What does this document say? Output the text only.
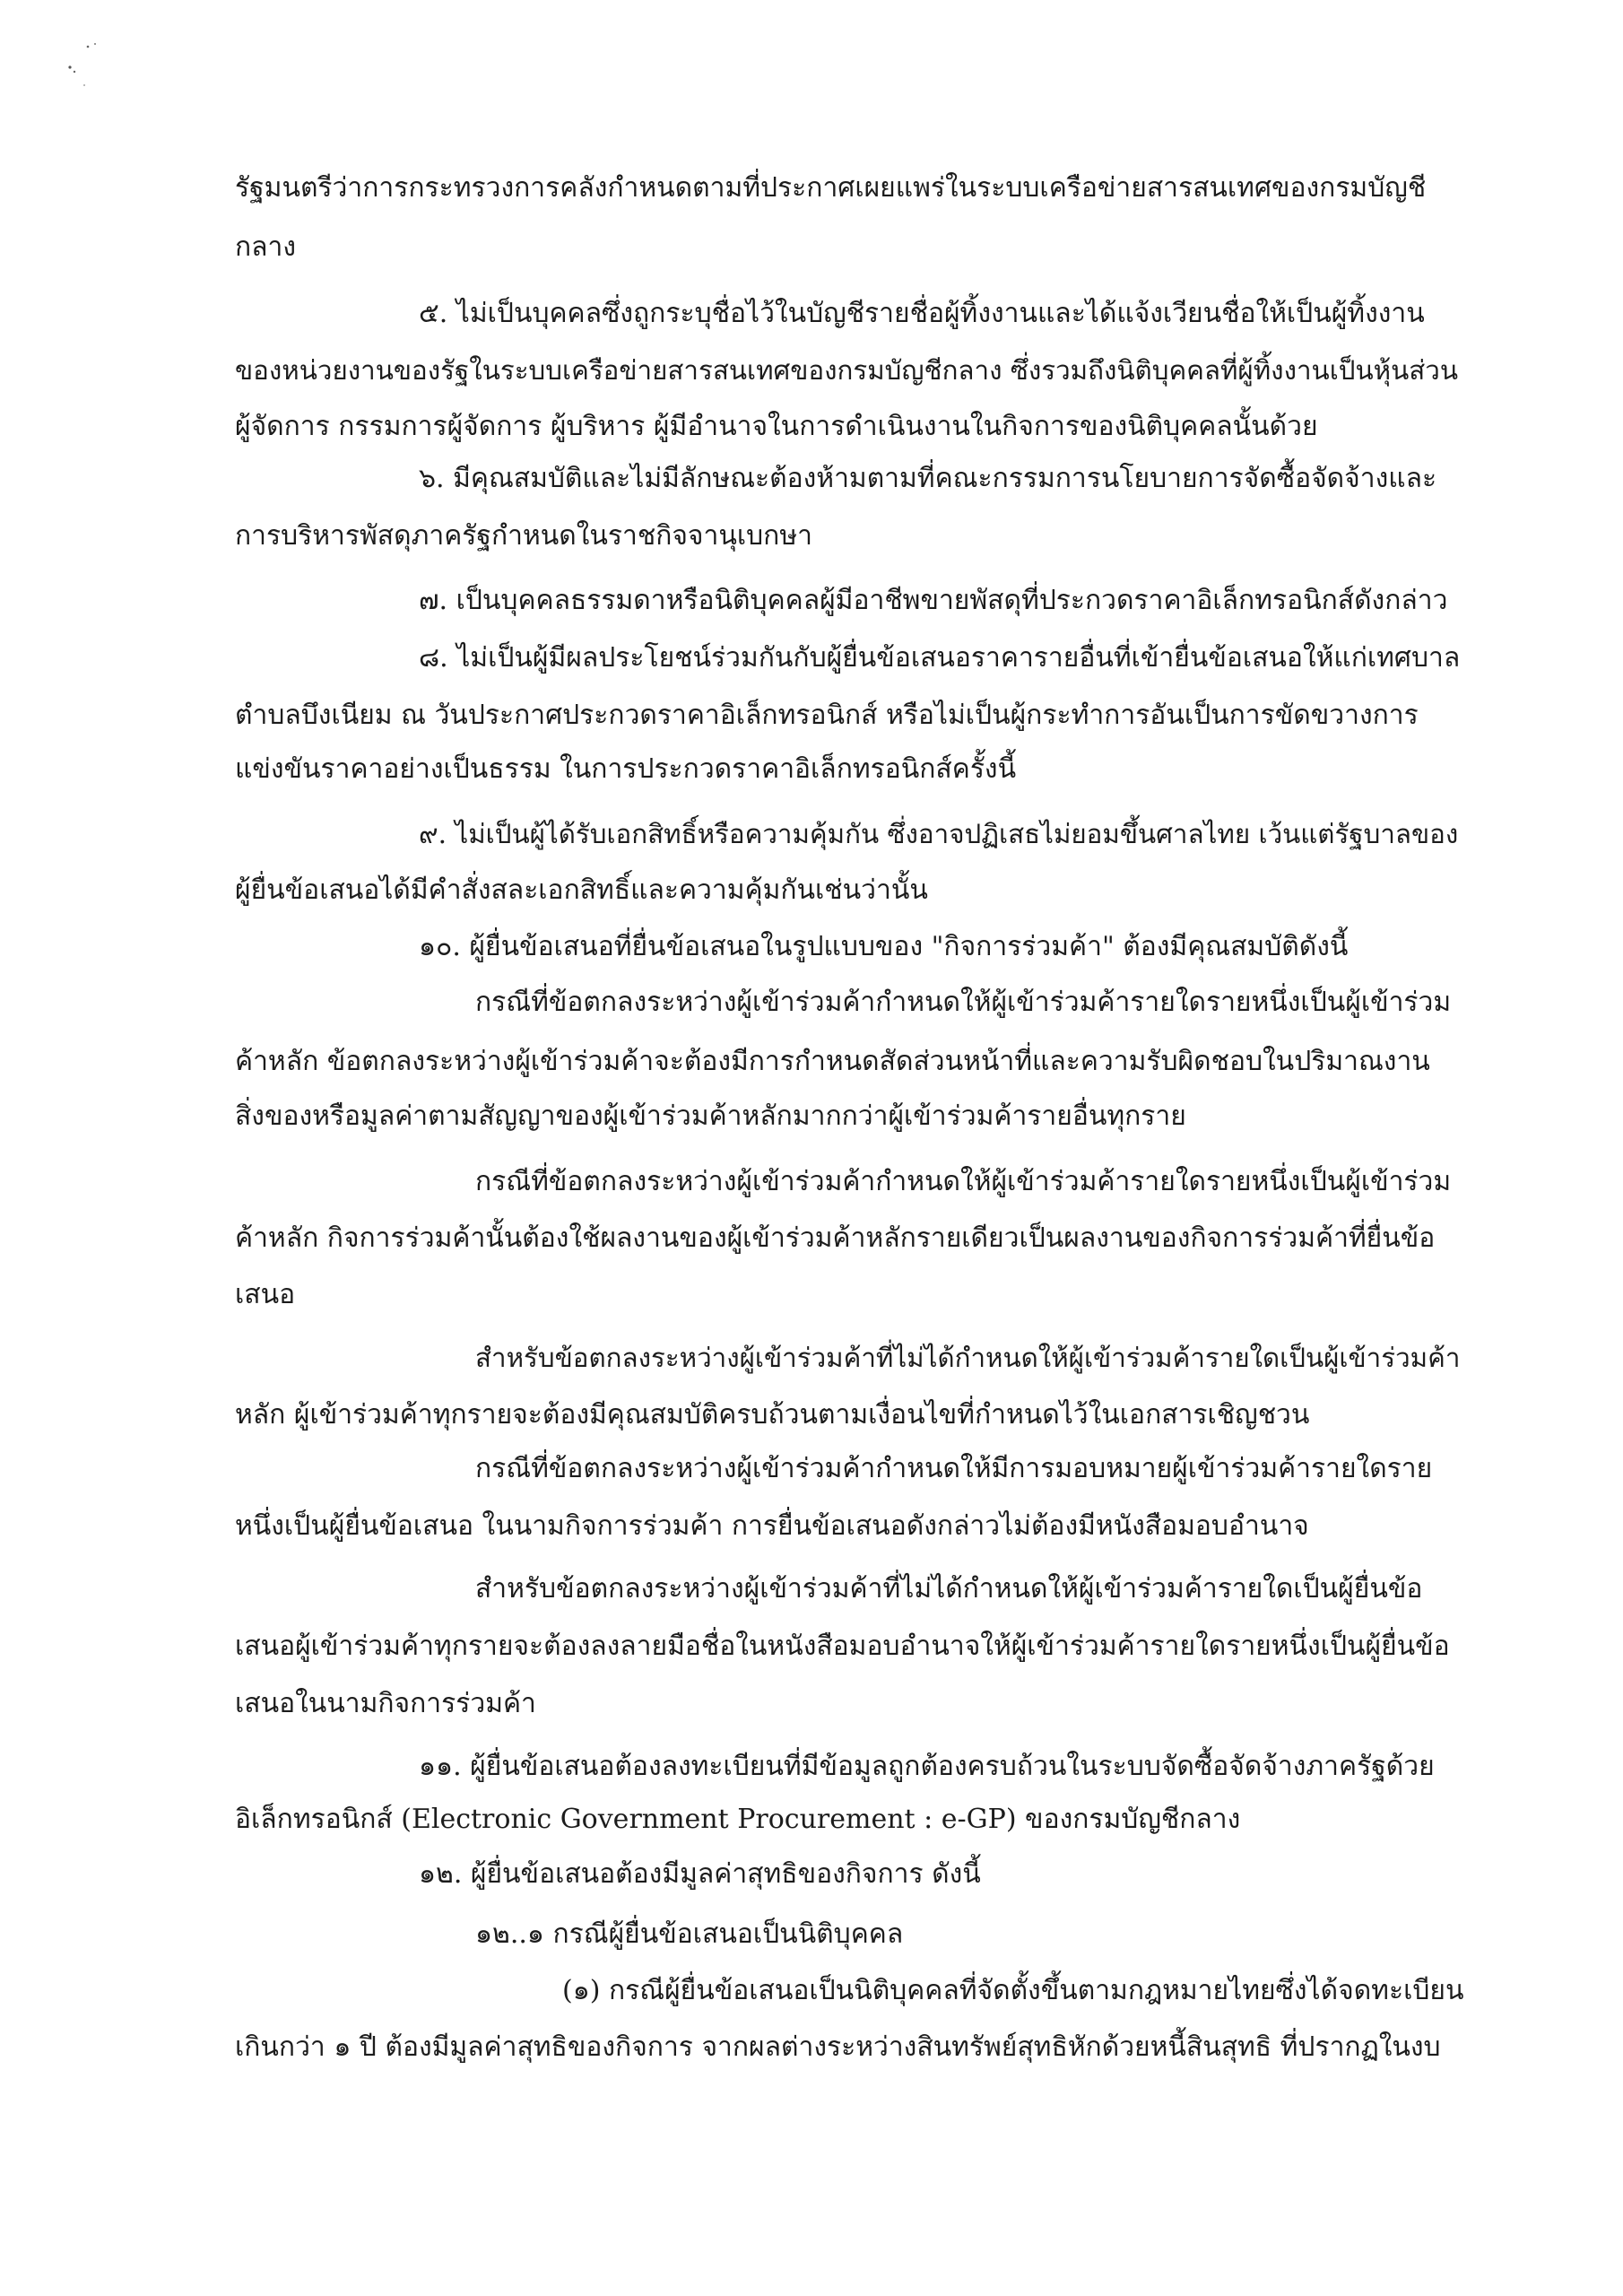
รัฐมนตรีว่าการกระทรวงการคลังกำหนดตามที่ประกาศเผยแพร่ในระบบเครือข่ายสารสนเทศของกรมบัญชี
กลาง
๕. ไม่เป็นบุคคลซึ่งถูกระบุชื่อไว้ในบัญชีรายชื่อผู้ทิ้งงานและได้แจ้งเวียนชื่อให้เป็นผู้ทิ้งงาน
ของหน่วยงานของรัฐในระบบเครือข่ายสารสนเทศของกรมบัญชีกลาง ซึ่งรวมถึงนิติบุคคลที่ผู้ทิ้งงานเป็นหุ้นส่วน
ผู้จัดการ กรรมการผู้จัดการ ผู้บริหาร ผู้มีอำนาจในการดำเนินงานในกิจการของนิติบุคคลนั้นด้วย
๖. มีคุณสมบัติและไม่มีลักษณะต้องห้ามตามที่คณะกรรมการนโยบายการจัดซื้อจัดจ้างและ
การบริหารพัสดุภาครัฐกำหนดในราชกิจจานุเบกษา
๗. เป็นบุคคลธรรมดาหรือนิติบุคคลผู้มีอาชีพขายพัสดุที่ประกวดราคาอิเล็กทรอนิกส์ดังกล่าว
๘. ไม่เป็นผู้มีผลประโยชน์ร่วมกันกับผู้ยื่นข้อเสนอราคารายอื่นที่เข้ายื่นข้อเสนอให้แก่เทศบาล
ตำบลบึงเนียม ณ วันประกาศประกวดราคาอิเล็กทรอนิกส์ หรือไม่เป็นผู้กระทำการอันเป็นการขัดขวางการ
แข่งขันราคาอย่างเป็นธรรม ในการประกวดราคาอิเล็กทรอนิกส์ครั้งนี้
๙. ไม่เป็นผู้ได้รับเอกสิทธิ์หรือความคุ้มกัน ซึ่งอาจปฏิเสธไม่ยอมขึ้นศาลไทย เว้นแต่รัฐบาลของ
ผู้ยื่นข้อเสนอได้มีคำสั่งสละเอกสิทธิ์และความคุ้มกันเช่นว่านั้น
๑๐. ผู้ยื่นข้อเสนอที่ยื่นข้อเสนอในรูปแบบของ "กิจการร่วมค้า" ต้องมีคุณสมบัติดังนี้
กรณีที่ข้อตกลงระหว่างผู้เข้าร่วมค้ากำหนดให้ผู้เข้าร่วมค้ารายใดรายหนึ่งเป็นผู้เข้าร่วม
ค้าหลัก ข้อตกลงระหว่างผู้เข้าร่วมค้าจะต้องมีการกำหนดสัดส่วนหน้าที่และความรับผิดชอบในปริมาณงาน
สิ่งของหรือมูลค่าตามสัญญาของผู้เข้าร่วมค้าหลักมากกว่าผู้เข้าร่วมค้ารายอื่นทุกราย
กรณีที่ข้อตกลงระหว่างผู้เข้าร่วมค้ากำหนดให้ผู้เข้าร่วมค้ารายใดรายหนึ่งเป็นผู้เข้าร่วม
ค้าหลัก กิจการร่วมค้านั้นต้องใช้ผลงานของผู้เข้าร่วมค้าหลักรายเดียวเป็นผลงานของกิจการร่วมค้าที่ยื่นข้อ
เสนอ
สำหรับข้อตกลงระหว่างผู้เข้าร่วมค้าที่ไม่ได้กำหนดให้ผู้เข้าร่วมค้ารายใดเป็นผู้เข้าร่วมค้า
หลัก ผู้เข้าร่วมค้าทุกรายจะต้องมีคุณสมบัติครบถ้วนตามเงื่อนไขที่กำหนดไว้ในเอกสารเชิญชวน
กรณีที่ข้อตกลงระหว่างผู้เข้าร่วมค้ากำหนดให้มีการมอบหมายผู้เข้าร่วมค้ารายใดราย
หนึ่งเป็นผู้ยื่นข้อเสนอ ในนามกิจการร่วมค้า การยื่นข้อเสนอดังกล่าวไม่ต้องมีหนังสือมอบอำนาจ
สำหรับข้อตกลงระหว่างผู้เข้าร่วมค้าที่ไม่ได้กำหนดให้ผู้เข้าร่วมค้ารายใดเป็นผู้ยื่นข้อ
เสนอผู้เข้าร่วมค้าทุกรายจะต้องลงลายมือชื่อในหนังสือมอบอำนาจให้ผู้เข้าร่วมค้ารายใดรายหนึ่งเป็นผู้ยื่นข้อ
เสนอในนามกิจการร่วมค้า
๑๑. ผู้ยื่นข้อเสนอต้องลงทะเบียนที่มีข้อมูลถูกต้องครบถ้วนในระบบจัดซื้อจัดจ้างภาครัฐด้วย
อิเล็กทรอนิกส์ (Electronic Government Procurement : e-GP) ของกรมบัญชีกลาง
๑๒. ผู้ยื่นข้อเสนอต้องมีมูลค่าสุทธิของกิจการ ดังนี้
๑๒..๑ กรณีผู้ยื่นข้อเสนอเป็นนิติบุคคล
(๑) กรณีผู้ยื่นข้อเสนอเป็นนิติบุคคลที่จัดตั้งขึ้นตามกฎหมายไทยซึ่งได้จดทะเบียน
เกินกว่า ๑ ปี ต้องมีมูลค่าสุทธิของกิจการ จากผลต่างระหว่างสินทรัพย์สุทธิหักด้วยหนี้สินสุทธิ ที่ปรากฏในงบ
